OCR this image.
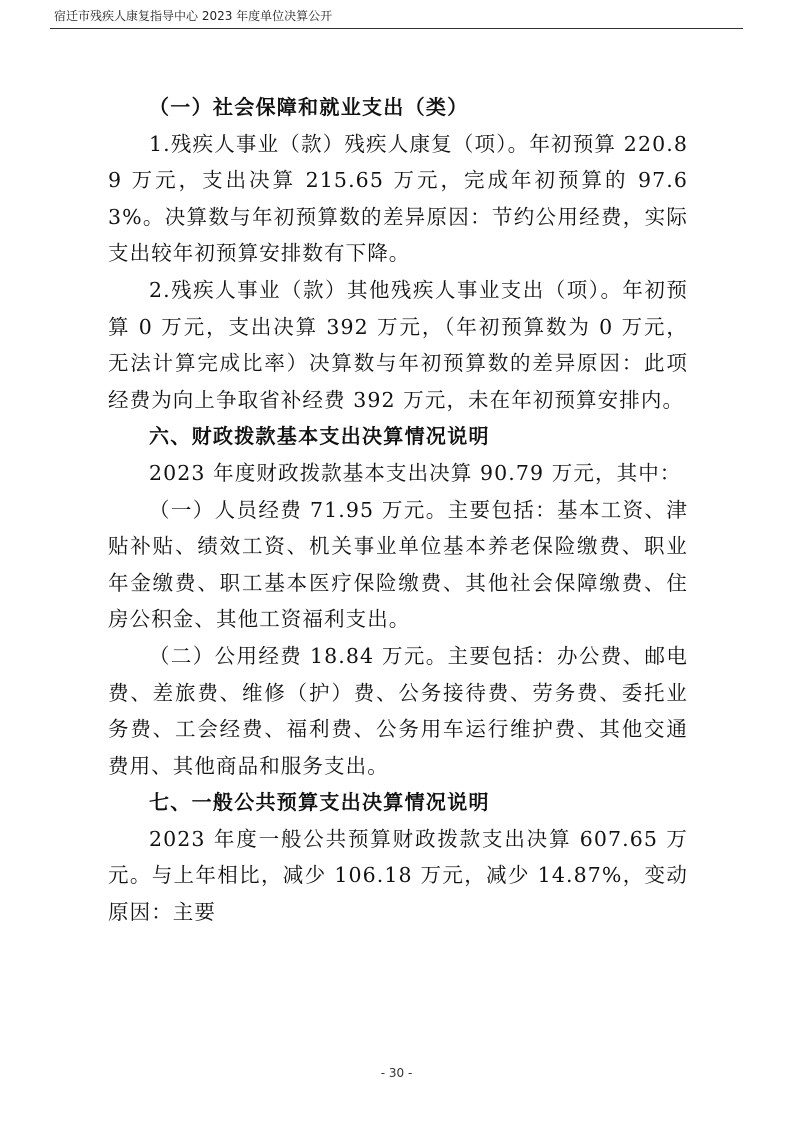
宿迁市残疾人康复指导中心 2023 年度单位决算公开

（一）社会保障和就业支出（类）

1.残疾人事业（款）残疾人康复（项）。年初预算 220.89 万元，支出决算 215.65 万元，完成年初预算的 97.63%。决算数与年初预算数的差异原因：节约公用经费，实际支出较年初预算安排数有下降。

2.残疾人事业（款）其他残疾人事业支出（项）。年初预算 0 万元，支出决算 392 万元，（年初预算数为 0 万元，无法计算完成比率）决算数与年初预算数的差异原因：此项经费为向上争取省补经费 392 万元，未在年初预算安排内。

六、财政拨款基本支出决算情况说明

2023 年度财政拨款基本支出决算 90.79 万元，其中：

（一）人员经费 71.95 万元。主要包括：基本工资、津贴补贴、绩效工资、机关事业单位基本养老保险缴费、职业年金缴费、职工基本医疗保险缴费、其他社会保障缴费、住房公积金、其他工资福利支出。

（二）公用经费 18.84 万元。主要包括：办公费、邮电费、差旅费、维修（护）费、公务接待费、劳务费、委托业务费、工会经费、福利费、公务用车运行维护费、其他交通费用、其他商品和服务支出。

七、一般公共预算支出决算情况说明

2023 年度一般公共预算财政拨款支出决算 607.65 万元。与上年相比，减少 106.18 万元，减少 14.87%，变动原因：主要

- 30 -
